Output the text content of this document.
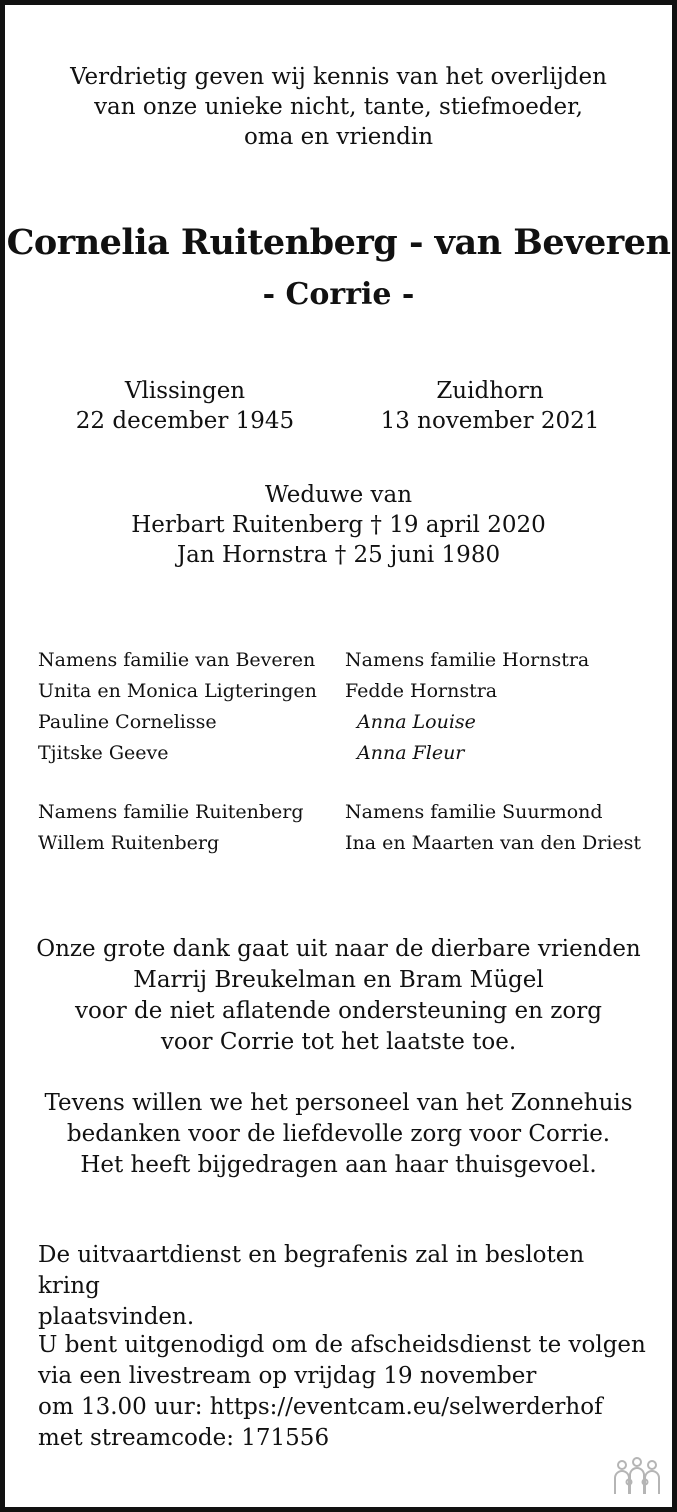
Verdrietig geven wij kennis van het overlijden
van onze unieke nicht, tante, stiefmoeder,
oma en vriendin
Cornelia Ruitenberg - van Beveren
- Corrie -
Vlissingen
22 december 1945
Zuidhorn
13 november 2021
Weduwe van
Herbart Ruitenberg † 19 april 2020
Jan Hornstra † 25 juni 1980
Namens familie van Beveren
Unita en Monica Ligteringen
Pauline Cornelisse
Tjitske Geeve
Namens familie Hornstra
Fedde Hornstra
Anna Louise
Anna Fleur
Namens familie Ruitenberg
Willem Ruitenberg
Namens familie Suurmond
Ina en Maarten van den Driest
Onze grote dank gaat uit naar de dierbare vrienden
Marrij Breukelman en Bram Mügel
voor de niet aflatende ondersteuning en zorg
voor Corrie tot het laatste toe.
Tevens willen we het personeel van het Zonnehuis
bedanken voor de liefdevolle zorg voor Corrie.
Het heeft bijgedragen aan haar thuisgevoel.
De uitvaartdienst en begrafenis zal in besloten kring
plaatsvinden.
U bent uitgenodigd om de afscheidsdienst te volgen
via een livestream op vrijdag 19 november
om 13.00 uur: https://eventcam.eu/selwerderhof
met streamcode: 171556
